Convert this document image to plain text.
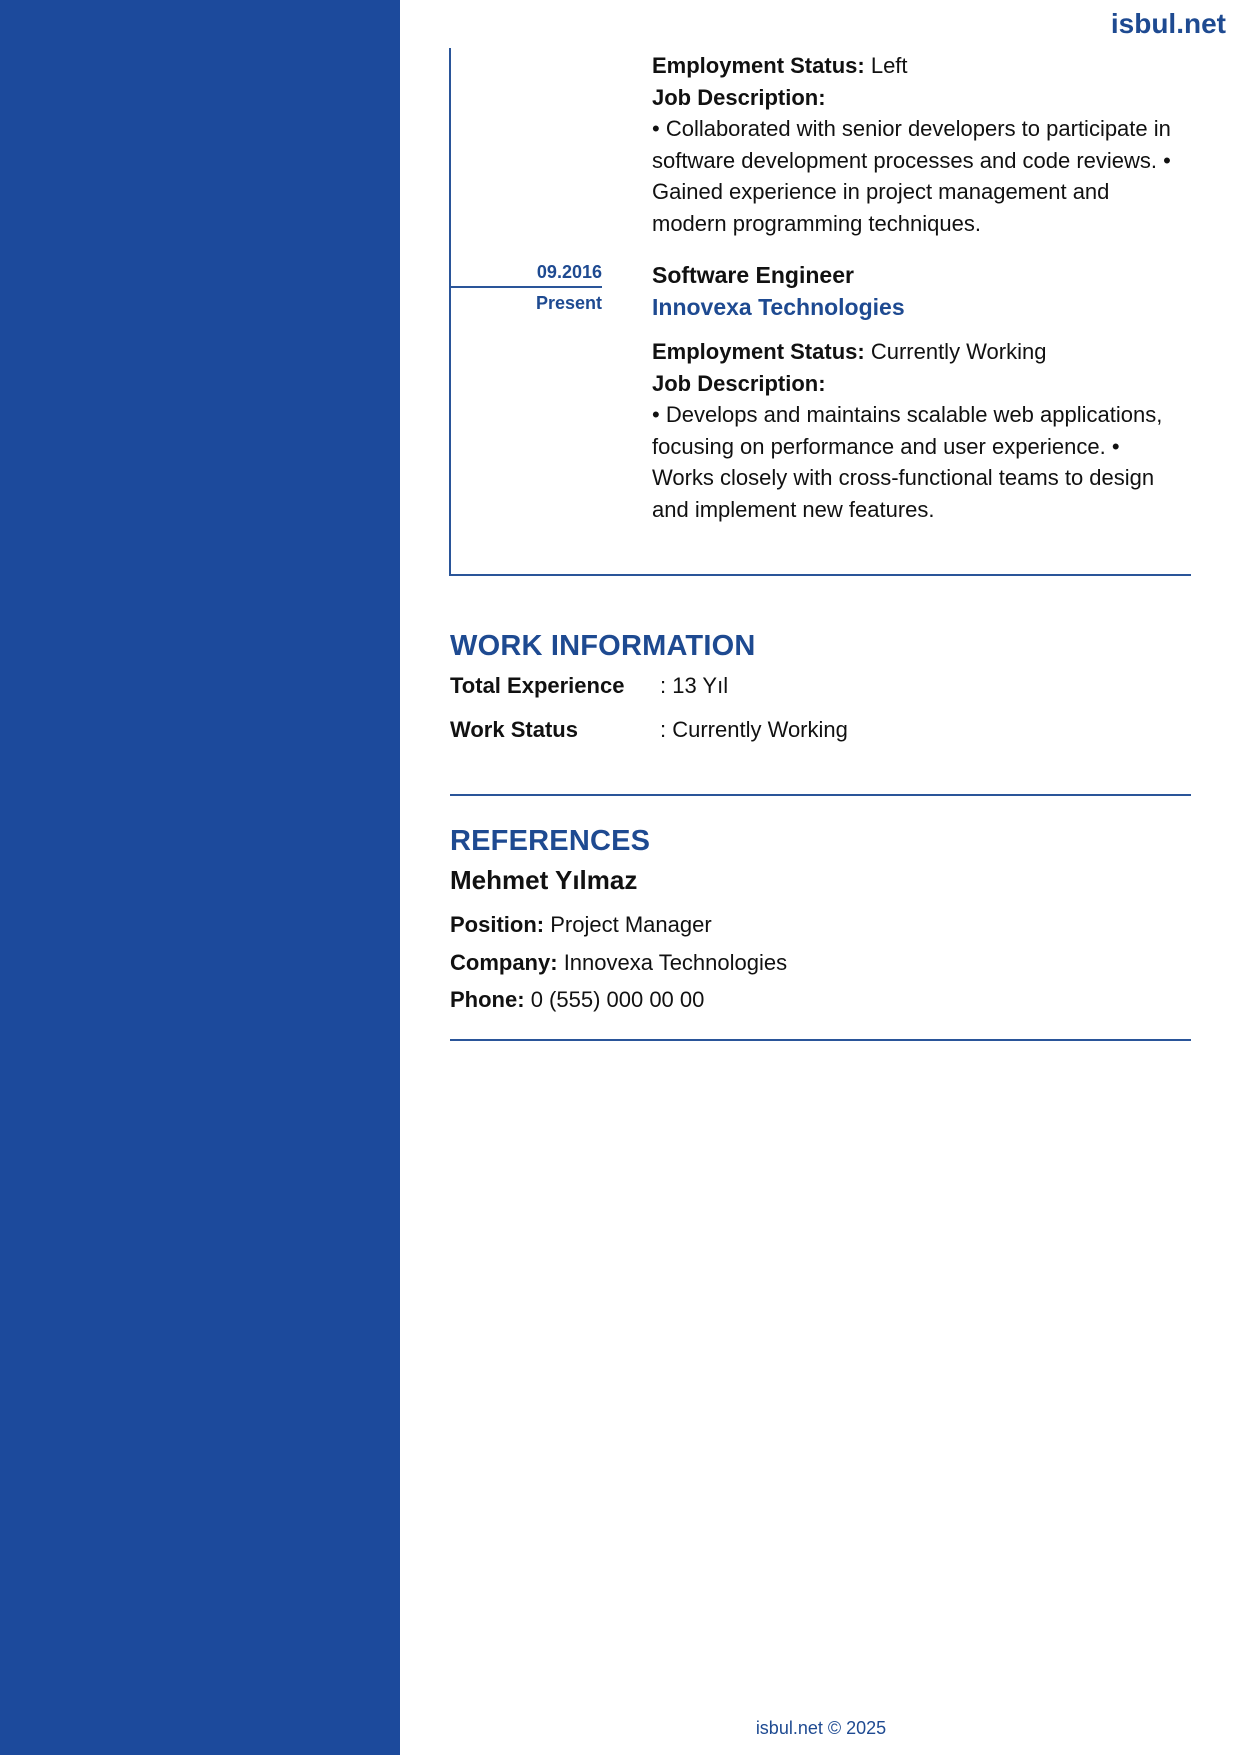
isbul.net
Employment Status: Left
Job Description:
• Collaborated with senior developers to participate in software development processes and code reviews. • Gained experience in project management and modern programming techniques.
09.2016
Present
Software Engineer
Innovexa Technologies
Employment Status: Currently Working
Job Description:
• Develops and maintains scalable web applications, focusing on performance and user experience. • Works closely with cross-functional teams to design and implement new features.
WORK INFORMATION
Total Experience : 13 Yıl
Work Status	: Currently Working
REFERENCES
Mehmet Yılmaz
Position: Project Manager
Company: Innovexa Technologies
Phone: 0 (555) 000 00 00
isbul.net © 2025
